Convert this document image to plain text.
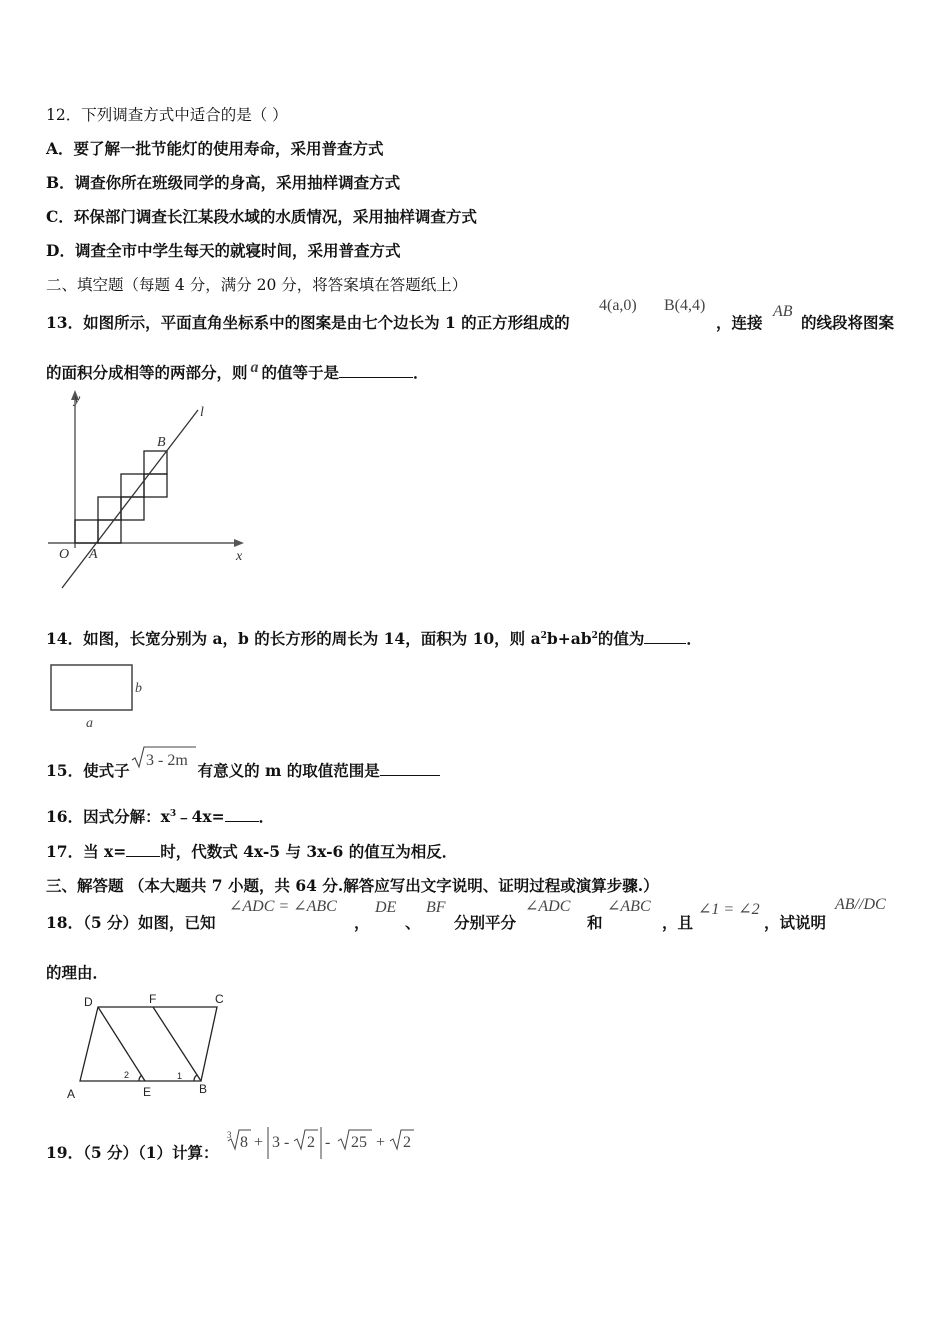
12．下列调查方式中适合的是（ ）
A．要了解一批节能灯的使用寿命，采用普查方式
B．调查你所在班级同学的身高，采用抽样调查方式
C．环保部门调查长江某段水域的水质情况，采用抽样调查方式
D．调查全市中学生每天的就寝时间，采用普查方式
二、填空题（每题 4 分，满分 20 分，将答案填在答题纸上）
13．如图所示，平面直角坐标系中的图案是由七个边长为 1 的正方形组成的
4(a,0) B(4,4)
，连接
AB
的线段将图案
的面积分成相等的两部分，则 a 的值等于是	．
y
x
O A
B
l
14．如图，长宽分别为 a，b 的长方形的周长为 14，面积为 10，则 $a^2b+ab^2$的值为	．
b
a
15．使式子	有意义的 m 的取值范围是
3 - 2m
16．因式分解：$x^3﹣4x=$ ．
17．当 x= 时，代数式 4x-5 与 3x-6 的值互为相反．
三、解答题 （本大题共 7 小题，共 64 分.解答应写出文字说明、证明过程或演算步骤.）
18．（5 分）如图，已知
∠ADC = ∠ABC
，
DE
、
BF
分别平分
∠ADC
和
∠ABC
，且
∠1 = ∠2
，试说明
AB//DC
的理由．
D	F	C
A	E	B
2	1
19．（5 分）（1）计算：
3 8 + 3 - 2 - 25 + 2
